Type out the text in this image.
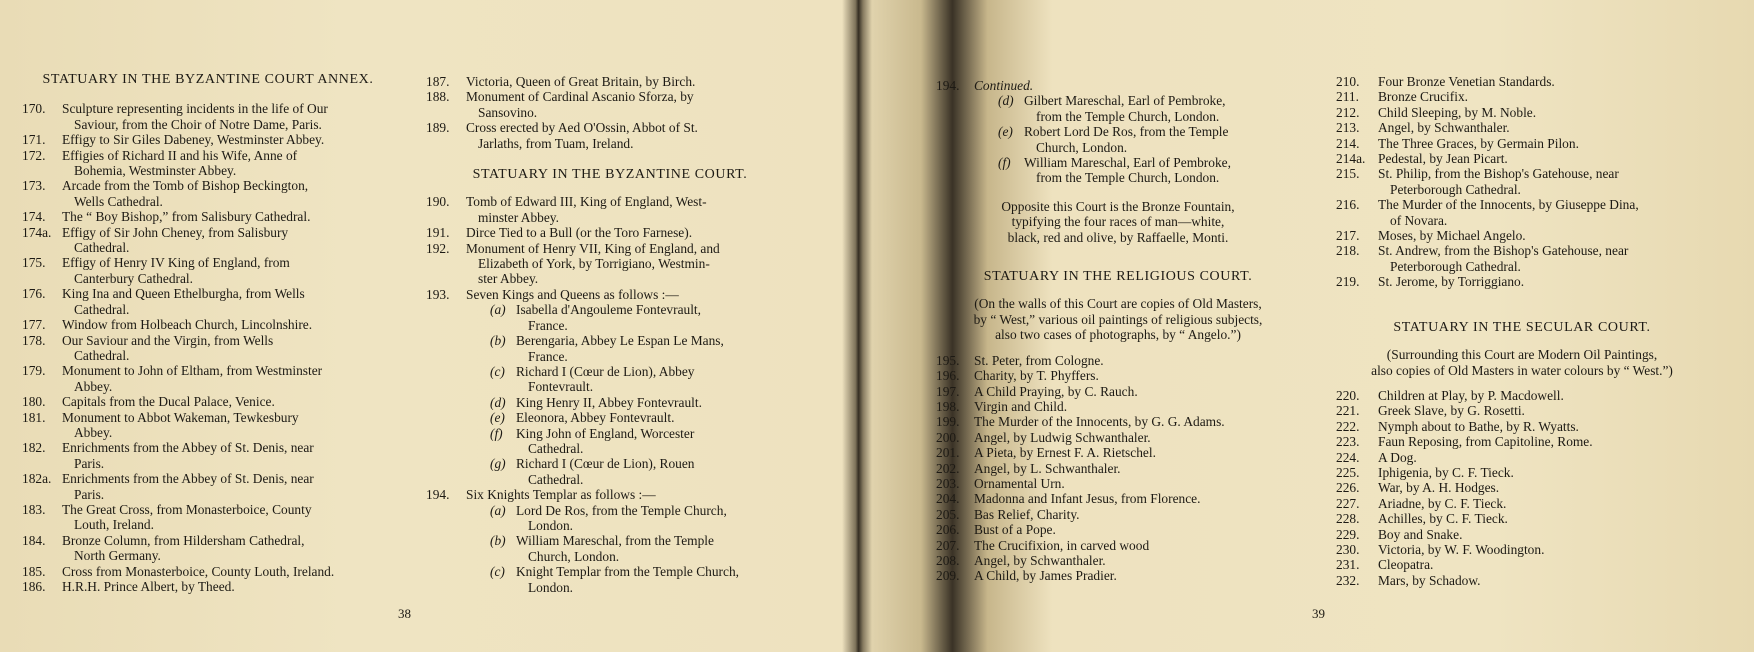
STATUARY IN THE BYZANTINE COURT ANNEX.

170.	Sculpture representing incidents in the life of Our
Saviour, from the Choir of Notre Dame, Paris.
171.	Effigy to Sir Giles Dabeney, Westminster Abbey.
172.	Effigies of Richard II and his Wife, Anne of
Bohemia, Westminster Abbey.
173.	Arcade from the Tomb of Bishop Beckington,
Wells Cathedral.
174.	The “ Boy Bishop,” from Salisbury Cathedral.
174a. Effigy of Sir John Cheney, from Salisbury
Cathedral.
175.	Effigy of Henry IV King of England, from
Canterbury Cathedral.
176.	King Ina and Queen Ethelburgha, from Wells
Cathedral.
177.	Window from Holbeach Church, Lincolnshire.
178.	Our Saviour and the Virgin, from Wells
Cathedral.
179.	Monument to John of Eltham, from Westminster
Abbey.
180.	Capitals from the Ducal Palace, Venice.
181.	Monument to Abbot Wakeman, Tewkesbury
Abbey.
182.	Enrichments from the Abbey of St. Denis, near
Paris.
182a. Enrichments from the Abbey of St. Denis, near
Paris.
183.	The Great Cross, from Monasterboice, County
Louth, Ireland.
184.	Bronze Column, from Hildersham Cathedral,
North Germany.
185.	Cross from Monasterboice, County Louth, Ireland.
186.	H.R.H. Prince Albert, by Theed.
187.	Victoria, Queen of Great Britain, by Birch.
188.	Monument of Cardinal Ascanio Sforza, by
Sansovino.
189.	Cross erected by Aed O'Ossin, Abbot of St.
Jarlaths, from Tuam, Ireland.

STATUARY IN THE BYZANTINE COURT.

190.	Tomb of Edward III, King of England, West-
minster Abbey.
191.	Dirce Tied to a Bull (or the Toro Farnese).
192.	Monument of Henry VII, King of England, and
Elizabeth of York, by Torrigiano, Westmin-
ster Abbey.
193.	Seven Kings and Queens as follows :—
(a) Isabella d'Angouleme Fontevrault,
France.
(b) Berengaria, Abbey Le Espan Le Mans,
France.
(c) Richard I (Cœur de Lion), Abbey
Fontevrault.
(d) King Henry II, Abbey Fontevrault.
(e) Eleonora, Abbey Fontevrault.
(f) King John of England, Worcester
Cathedral.
(g) Richard I (Cœur de Lion), Rouen
Cathedral.
194.	Six Knights Templar as follows :—
(a) Lord De Ros, from the Temple Church,
London.
(b) William Mareschal, from the Temple
Church, London.
(c) Knight Templar from the Temple Church,
London.
38
194.	Continued.
(d) Gilbert Mareschal, Earl of Pembroke,
from the Temple Church, London.
(e) Robert Lord De Ros, from the Temple
Church, London.
(f) William Mareschal, Earl of Pembroke,
from the Temple Church, London.
Opposite this Court is the Bronze Fountain,
typifying the four races of man—white,
black, red and olive, by Raffaelle, Monti.

STATUARY IN THE RELIGIOUS COURT.

(On the walls of this Court are copies of Old Masters,
by “ West,” various oil paintings of religious subjects,
also two cases of photographs, by “ Angelo.”)
195.	St. Peter, from Cologne.
196.	Charity, by T. Phyffers.
197.	A Child Praying, by C. Rauch.
198.	Virgin and Child.
199.	The Murder of the Innocents, by G. G. Adams.
200.	Angel, by Ludwig Schwanthaler.
201.	A Pieta, by Ernest F. A. Rietschel.
202.	Angel, by L. Schwanthaler.
203.	Ornamental Urn.
204.	Madonna and Infant Jesus, from Florence.
205.	Bas Relief, Charity.
206.	Bust of a Pope.
207.	The Crucifixion, in carved wood
208.	Angel, by Schwanthaler.
209.	A Child, by James Pradier.
210.	Four Bronze Venetian Standards.
211.	Bronze Crucifix.
212.	Child Sleeping, by M. Noble.
213.	Angel, by Schwanthaler.
214.	The Three Graces, by Germain Pilon.
214a. Pedestal, by Jean Picart.
215.	St. Philip, from the Bishop's Gatehouse, near
Peterborough Cathedral.
216.	The Murder of the Innocents, by Giuseppe Dina,
of Novara.
217.	Moses, by Michael Angelo.
218.	St. Andrew, from the Bishop's Gatehouse, near
Peterborough Cathedral.
219.	St. Jerome, by Torriggiano.

STATUARY IN THE SECULAR COURT.

(Surrounding this Court are Modern Oil Paintings,
also copies of Old Masters in water colours by “ West.”)
220.	Children at Play, by P. Macdowell.
221.	Greek Slave, by G. Rosetti.
222.	Nymph about to Bathe, by R. Wyatts.
223.	Faun Reposing, from Capitoline, Rome.
224.	A Dog.
225.	Iphigenia, by C. F. Tieck.
226.	War, by A. H. Hodges.
227.	Ariadne, by C. F. Tieck.
228.	Achilles, by C. F. Tieck.
229.	Boy and Snake.
230.	Victoria, by W. F. Woodington.
231.	Cleopatra.
232.	Mars, by Schadow.
39
